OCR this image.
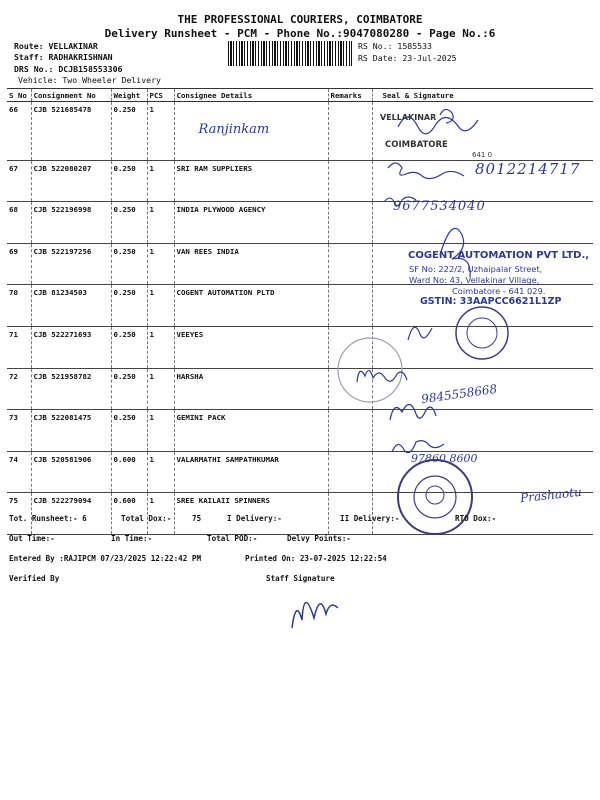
THE PROFESSIONAL COURIERS, COIMBATORE
Delivery Runsheet - PCM - Phone No.:9047080280 - Page No.:6
Route: VELLAKINAR
Staff: RADHAKRISHNAN
DRS No.: DCJB158553306
Vehicle: Two Wheeler Delivery
RS No.: 1585533
RS Date: 23-Jul-2025
S No	Consignment No	Weight	PCS	Consignee Details	Remarks	Seal & Signature
66	CJB 521685478	0.250	1	Ranjinkam		
67	CJB 522080207	0.250	1	SRI RAM SUPPLIERS		
68	CJB 522196998	0.250	1	INDIA PLYWOOD AGENCY		
69	CJB 522197256	0.250	1	VAN REES INDIA		
70	CJB 81234503	0.250	1	COGENT AUTOMATION PLTD		
71	CJB 522271693	0.250	1	VEEYES		
72	CJB 521958782	0.250	1	HARSHA		
73	CJB 522081475	0.250	1	GEMINI PACK		
74	CJB 520581906	0.600	1	VALARMATHI SAMPATHKUMAR		
75	CJB 522279094	0.600	1	SREE KAILAII SPINNERS		
VELLAKINAR
COIMBATORE
641 0
8012214717
9677534040
COGENT AUTOMATION PVT LTD.,
SF No: 222/2, Uzhaipalar Street,
Ward No: 43, Vellakinar Village,
Coimbatore - 641 029.
GSTIN: 33AAPCC6621L1ZP
9845558668
97860 8600
Prashaotu
Tot. Runsheet:- 6	Total Dox:-	75	I Delivery:-	II Delivery:-	RTO Dox:-
Out Time:-	In Time:-	Total POD:-	Delvy Points:-
Entered By :RAJIPCM 07/23/2025 12:22:42 PM	Printed On: 23-07-2025 12:22:54
Verified By	Staff Signature
